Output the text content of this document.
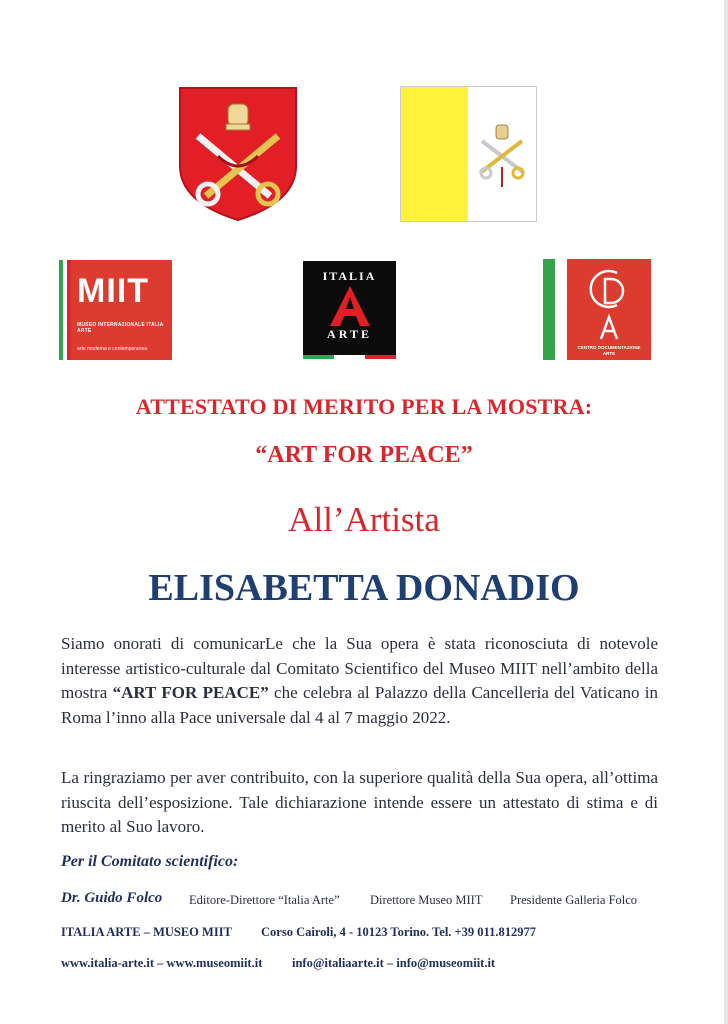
MIIT
MUSEO INTERNAZIONALE ITALIA ARTE
arte moderna e contemporanea
ITALIA
ARTE
CENTRO DOCUMENTAZIONE
ARTE
ATTESTATO DI MERITO PER LA MOSTRA:
“ART FOR PEACE”
All’Artista
ELISABETTA DONADIO
Siamo onorati di comunicarLe che la Sua opera è stata riconosciuta di notevole interesse artistico-culturale dal Comitato Scientifico del Museo MIIT nell’ambito della mostra “ART FOR PEACE” che celebra al Palazzo della Cancelleria del Vaticano in Roma l’inno alla Pace universale dal 4 al 7 maggio 2022.
La ringraziamo per aver contribuito, con la superiore qualità della Sua opera, all’ottima riuscita dell’esposizione. Tale dichiarazione intende essere un attestato di stima e di merito al Suo lavoro.
Per il Comitato scientifico:
Dr. Guido Folco Editore-Direttore “Italia Arte” Direttore Museo MIIT Presidente Galleria Folco
ITALIA ARTE – MUSEO MIIT Corso Cairoli, 4 - 10123 Torino. Tel. +39 011.812977
www.italia-arte.it – www.museomiit.it info@italiaarte.it – info@museomiit.it
